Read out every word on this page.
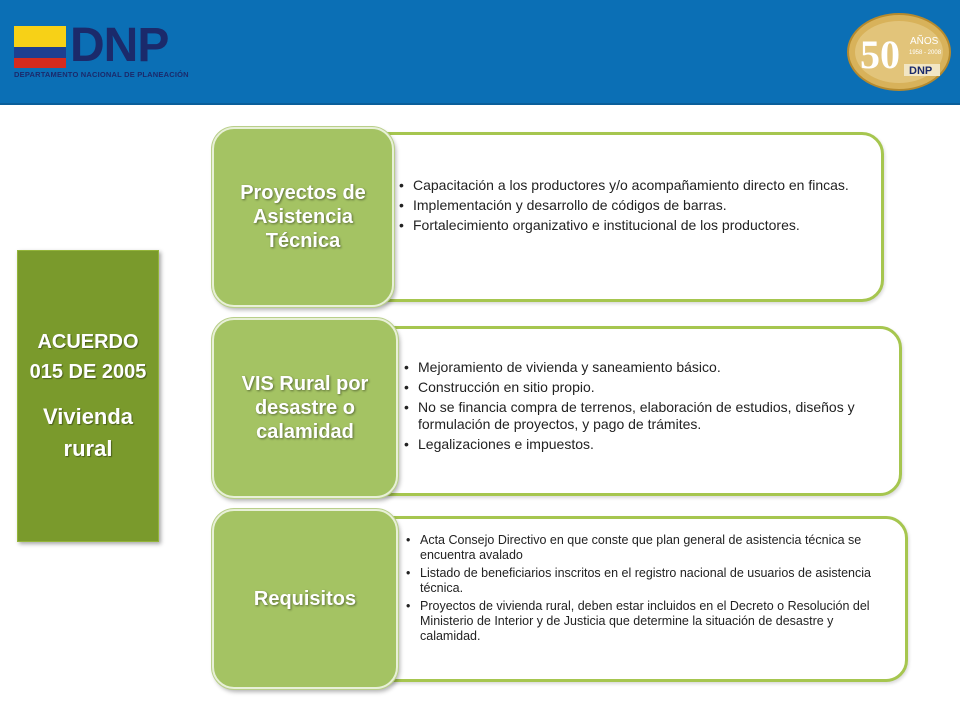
DNP
DEPARTAMENTO NACIONAL DE PLANEACIÓN	50 AÑOS
1958 - 2008
DNP
ACUERDO
015 DE 2005
Vivienda
rural
• Capacitación a los productores y/o acompañamiento directo en fincas.
• Implementación y desarrollo de códigos de barras.
• Fortalecimiento organizativo e institucional de los productores.
Proyectos de Asistencia Técnica
• Mejoramiento de vivienda y saneamiento básico.
• Construcción en sitio propio.
• No se financia compra de terrenos, elaboración de estudios, diseños y formulación de proyectos, y pago de trámites.
• Legalizaciones e impuestos.
VIS Rural por desastre o calamidad
• Acta Consejo Directivo en que conste que plan general de asistencia técnica se encuentra avalado
• Listado de beneficiarios inscritos en el registro nacional de usuarios de asistencia técnica.
• Proyectos de vivienda rural, deben estar incluidos en el Decreto o Resolución del Ministerio de Interior y de Justicia que determine la situación de desastre y calamidad.
Requisitos
